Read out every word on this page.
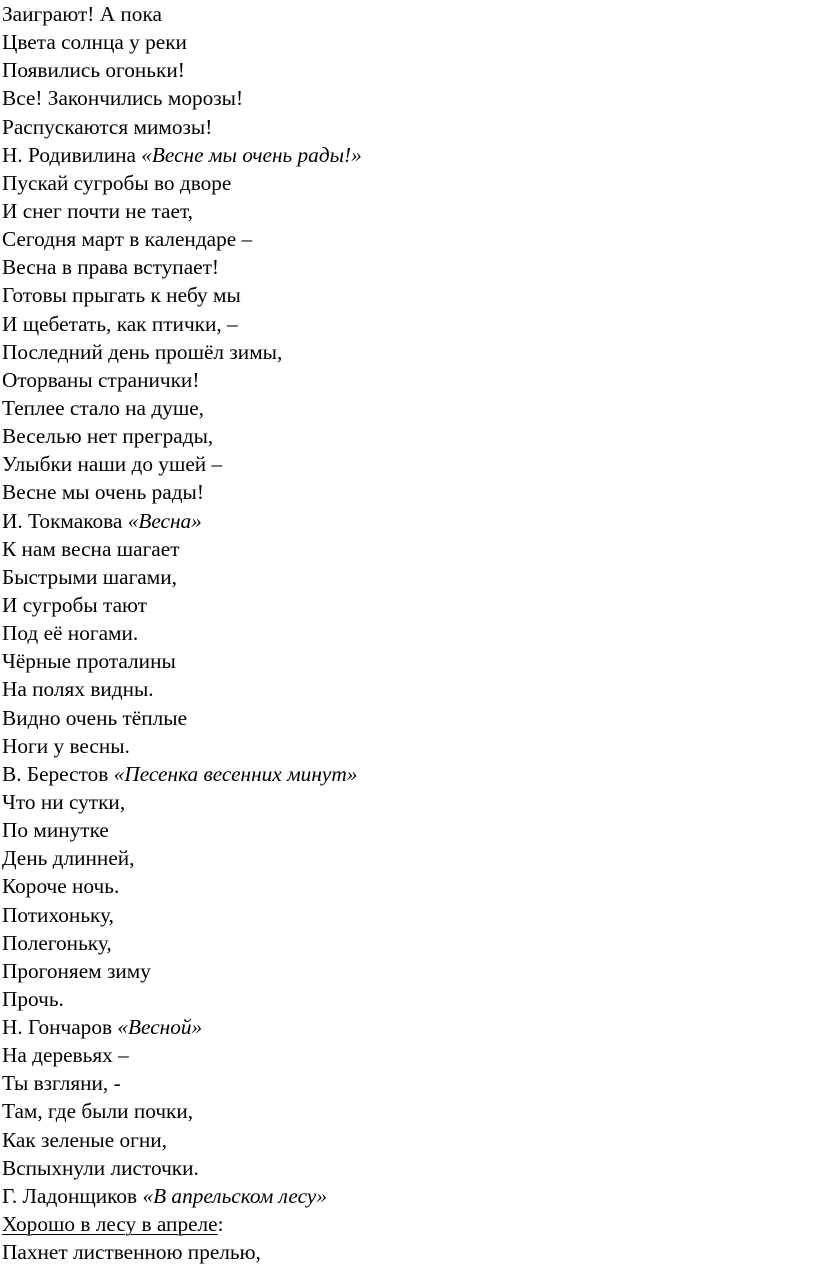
Заиграют! А пока
Цвета солнца у реки
Появились огоньки!
Все! Закончились морозы!
Распускаются мимозы!
Н. Родивилина «Весне мы очень рады!»
Пускай сугробы во дворе
И снег почти не тает,
Сегодня март в календаре –
Весна в права вступает!
Готовы прыгать к небу мы
И щебетать, как птички, –
Последний день прошёл зимы,
Оторваны странички!
Теплее стало на душе,
Веселью нет преграды,
Улыбки наши до ушей –
Весне мы очень рады!
И. Токмакова «Весна»
К нам весна шагает
Быстрыми шагами,
И сугробы тают
Под её ногами.
Чёрные проталины
На полях видны.
Видно очень тёплые
Ноги у весны.
В. Берестов «Песенка весенних минут»
Что ни сутки,
По минутке
День длинней,
Короче ночь.
Потихоньку,
Полегоньку,
Прогоняем зиму
Прочь.
Н. Гончаров «Весной»
На деревьях –
Ты взгляни, -
Там, где были почки,
Как зеленые огни,
Вспыхнули листочки.
Г. Ладонщиков «В апрельском лесу»
Хорошо в лесу в апреле:
Пахнет лиственною прелью,
